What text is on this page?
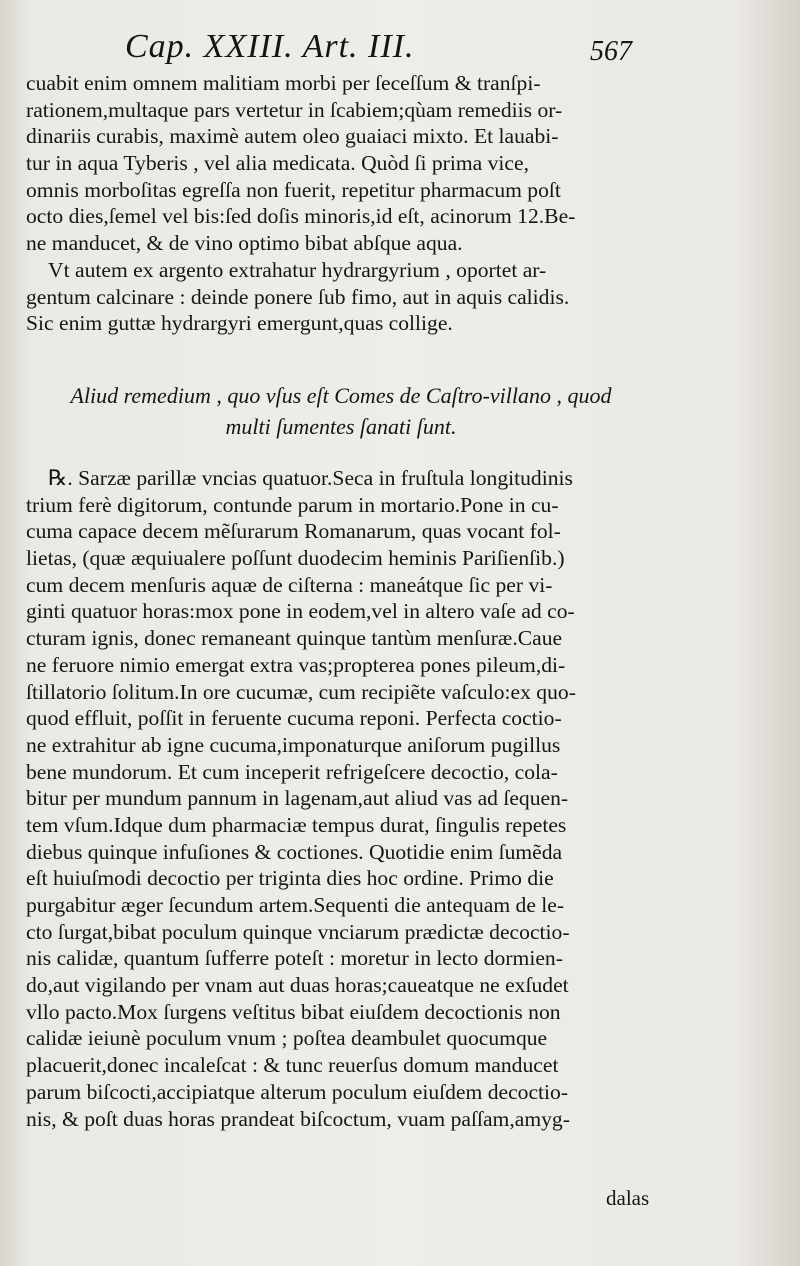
Cap. XXIII. Art. III.	567
cuabit enim omnem malitiam morbi per ſeceſſum & tranſpi-
rationem,multaque pars vertetur in ſcabiem;qùam remediis or-
dinariis curabis, maximè autem oleo guaiaci mixto. Et lauabi-
tur in aqua Tyberis , vel alia medicata. Quòd ſi prima vice,
omnis morboſitas egreſſa non fuerit, repetitur pharmacum poſt
octo dies,ſemel vel bis:ſed doſis minoris,id eſt, acinorum 12.Be-
ne manducet, & de vino optimo bibat abſque aqua.
Vt autem ex argento extrahatur hydrargyrium , oportet ar-
gentum calcinare : deinde ponere ſub fimo, aut in aquis calidis.
Sic enim guttæ hydrargyri emergunt,quas collige.
Aliud remedium , quo vſus eſt Comes de Caſtro-villano , quod
multi ſumentes ſanati ſunt.
℞. Sarzæ parillæ vncias quatuor.Seca in fruſtula longitudinis
trium ferè digitorum, contunde parum in mortario.Pone in cu-
cuma capace decem mẽſurarum Romanarum, quas vocant fol-
lietas, (quæ æquiualere poſſunt duodecim heminis Pariſienſib.)
cum decem menſuris aquæ de ciſterna : maneátque ſic per vi-
ginti quatuor horas:mox pone in eodem,vel in altero vaſe ad co-
cturam ignis, donec remaneant quinque tantùm menſuræ.Caue
ne feruore nimio emergat extra vas;propterea pones pileum,di-
ſtillatorio ſolitum.In ore cucumæ, cum recipiẽte vaſculo:ex quo-
quod effluit, poſſit in feruente cucuma reponi. Perfecta coctio-
ne extrahitur ab igne cucuma,imponaturque aniſorum pugillus
bene mundorum. Et cum inceperit refrigeſcere decoctio, cola-
bitur per mundum pannum in lagenam,aut aliud vas ad ſequen-
tem vſum.Idque dum pharmaciæ tempus durat, ſingulis repetes
diebus quinque infuſiones & coctiones. Quotidie enim ſumẽda
eſt huiuſmodi decoctio per triginta dies hoc ordine. Primo die
purgabitur æger ſecundum artem.Sequenti die antequam de le-
cto ſurgat,bibat poculum quinque vnciarum prædictæ decoctio-
nis calidæ, quantum ſufferre poteſt : moretur in lecto dormien-
do,aut vigilando per vnam aut duas horas;caueatque ne exſudet
vllo pacto.Mox ſurgens veſtitus bibat eiuſdem decoctionis non
calidæ ieiunè poculum vnum ; poſtea deambulet quocumque
placuerit,donec incaleſcat : & tunc reuerſus domum manducet
parum biſcocti,accipiatque alterum poculum eiuſdem decoctio-
nis, & poſt duas horas prandeat biſcoctum, vuam paſſam,amyg-
dalas
